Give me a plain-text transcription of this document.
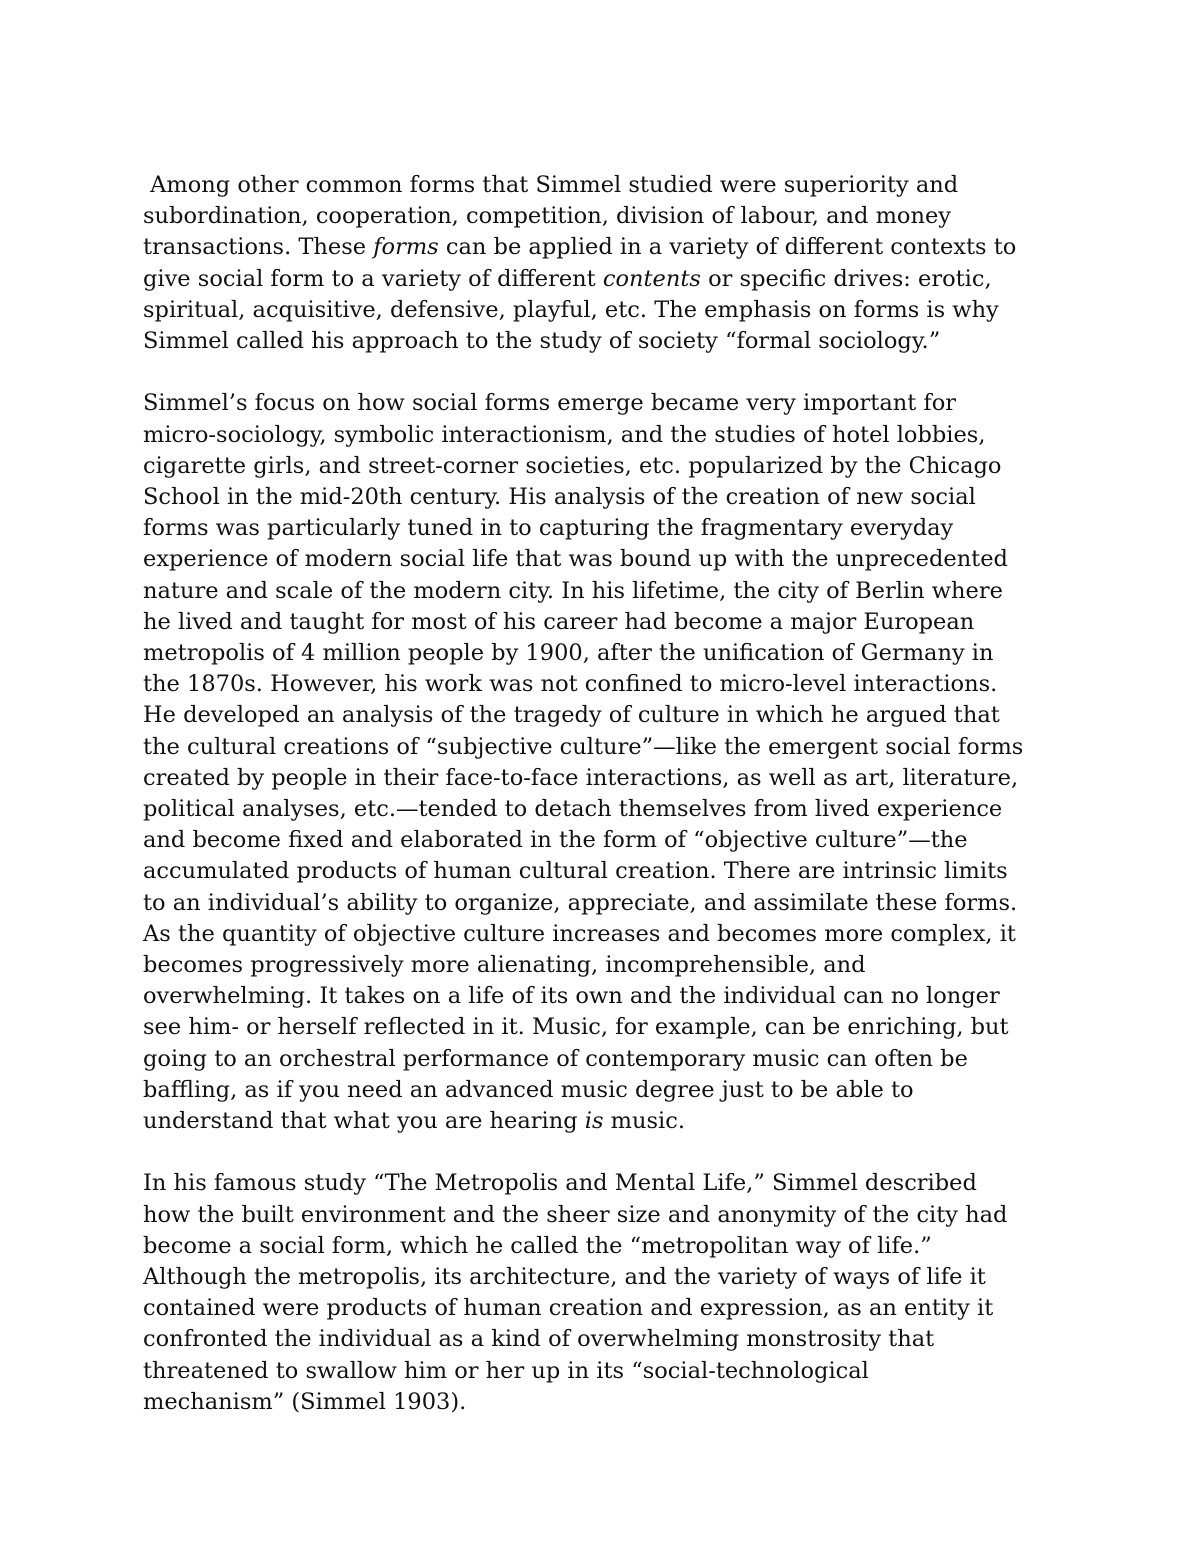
Among other common forms that Simmel studied were superiority and
subordination, cooperation, competition, division of labour, and money
transactions. These forms can be applied in a variety of different contexts to
give social form to a variety of different contents or specific drives: erotic,
spiritual, acquisitive, defensive, playful, etc. The emphasis on forms is why
Simmel called his approach to the study of society “formal sociology.”

Simmel’s focus on how social forms emerge became very important for
micro-sociology, symbolic interactionism, and the studies of hotel lobbies,
cigarette girls, and street-corner societies, etc. popularized by the Chicago
School in the mid-20th century. His analysis of the creation of new social
forms was particularly tuned in to capturing the fragmentary everyday
experience of modern social life that was bound up with the unprecedented
nature and scale of the modern city. In his lifetime, the city of Berlin where
he lived and taught for most of his career had become a major European
metropolis of 4 million people by 1900, after the unification of Germany in
the 1870s. However, his work was not confined to micro-level interactions.
He developed an analysis of the tragedy of culture in which he argued that
the cultural creations of “subjective culture”—like the emergent social forms
created by people in their face-to-face interactions, as well as art, literature,
political analyses, etc.—tended to detach themselves from lived experience
and become fixed and elaborated in the form of “objective culture”—the
accumulated products of human cultural creation. There are intrinsic limits
to an individual’s ability to organize, appreciate, and assimilate these forms.
As the quantity of objective culture increases and becomes more complex, it
becomes progressively more alienating, incomprehensible, and
overwhelming. It takes on a life of its own and the individual can no longer
see him- or herself reflected in it. Music, for example, can be enriching, but
going to an orchestral performance of contemporary music can often be
baffling, as if you need an advanced music degree just to be able to
understand that what you are hearing is music.

In his famous study “The Metropolis and Mental Life,” Simmel described
how the built environment and the sheer size and anonymity of the city had
become a social form, which he called the “metropolitan way of life.”
Although the metropolis, its architecture, and the variety of ways of life it
contained were products of human creation and expression, as an entity it
confronted the individual as a kind of overwhelming monstrosity that
threatened to swallow him or her up in its “social-technological
mechanism” (Simmel 1903).
